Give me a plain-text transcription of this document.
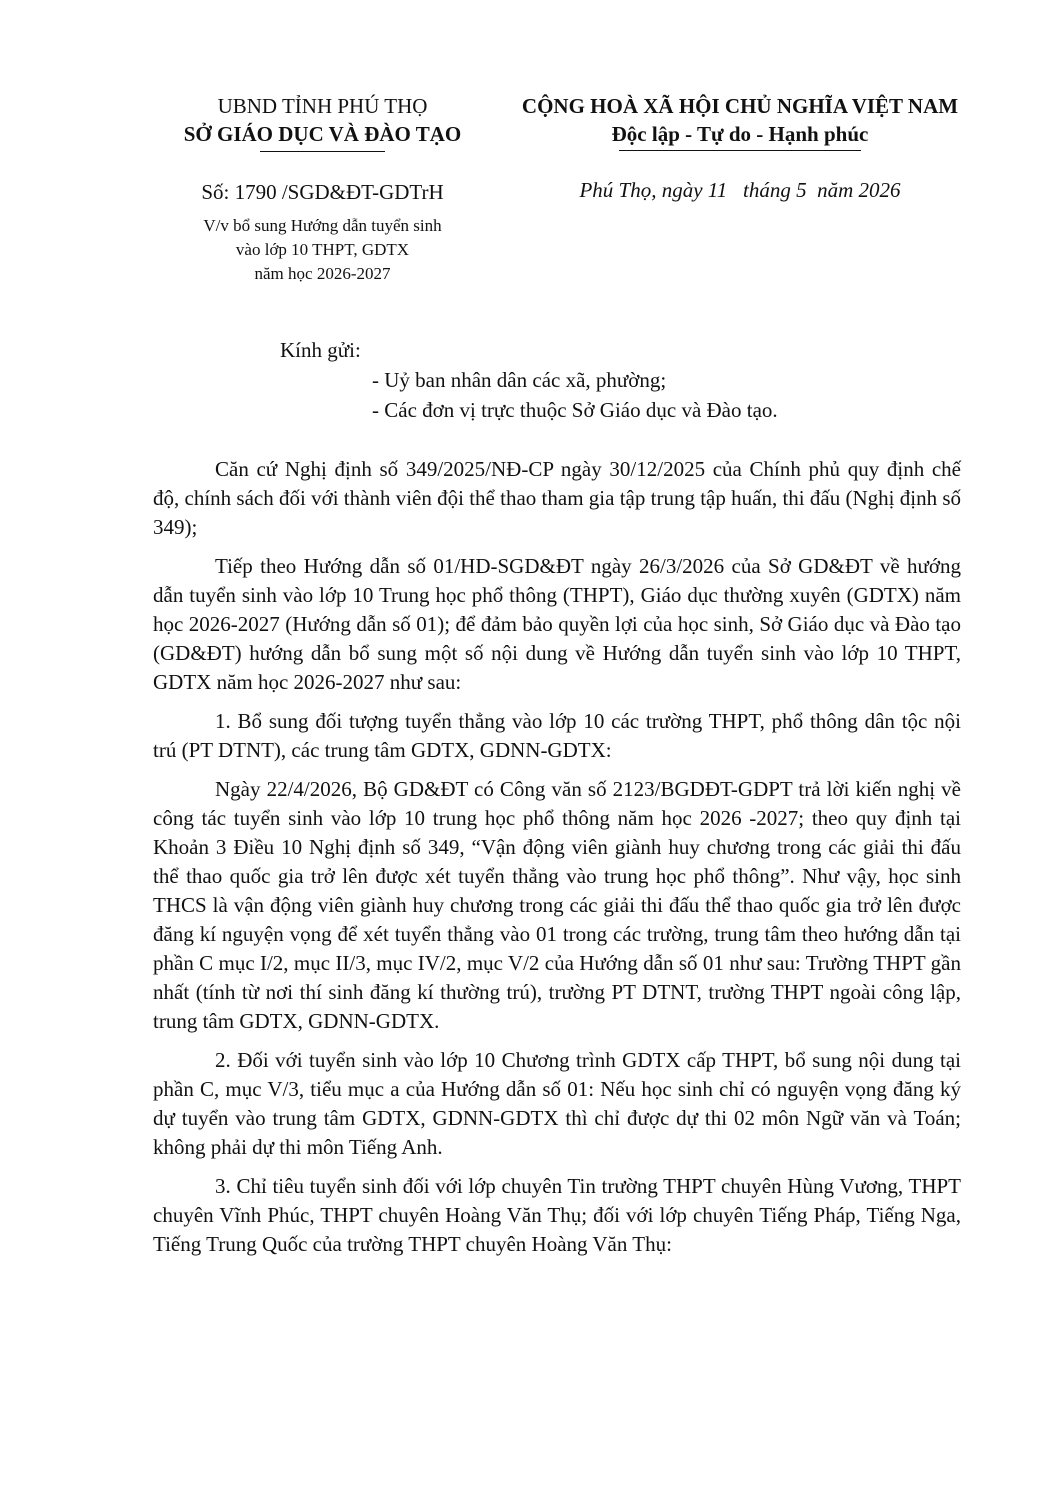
UBND TỈNH PHÚ THỌ
SỞ GIÁO DỤC VÀ ĐÀO TẠO
Số: 1790 /SGD&ĐT-GDTrH
V/v bổ sung Hướng dẫn tuyển sinh
vào lớp 10 THPT, GDTX
năm học 2026-2027
CỘNG HOÀ XÃ HỘI CHỦ NGHĨA VIỆT NAM
Độc lập - Tự do - Hạnh phúc
Phú Thọ, ngày 11   tháng 5  năm 2026
Kính gửi:
- Uỷ ban nhân dân các xã, phường;
- Các đơn vị trực thuộc Sở Giáo dục và Đào tạo.

Căn cứ Nghị định số 349/2025/NĐ-CP ngày 30/12/2025 của Chính phủ quy định chế độ, chính sách đối với thành viên đội thể thao tham gia tập trung tập huấn, thi đấu (Nghị định số 349);

Tiếp theo Hướng dẫn số 01/HD-SGD&ĐT ngày 26/3/2026 của Sở GD&ĐT về hướng dẫn tuyển sinh vào lớp 10 Trung học phổ thông (THPT), Giáo dục thường xuyên (GDTX) năm học 2026-2027 (Hướng dẫn số 01); để đảm bảo quyền lợi của học sinh, Sở Giáo dục và Đào tạo (GD&ĐT) hướng dẫn bổ sung một số nội dung về Hướng dẫn tuyển sinh vào lớp 10 THPT, GDTX năm học 2026-2027 như sau:

1. Bổ sung đối tượng tuyển thẳng vào lớp 10 các trường THPT, phổ thông dân tộc nội trú (PT DTNT), các trung tâm GDTX, GDNN-GDTX:

Ngày 22/4/2026, Bộ GD&ĐT có Công văn số 2123/BGDĐT-GDPT trả lời kiến nghị về công tác tuyển sinh vào lớp 10 trung học phổ thông năm học 2026 -2027; theo quy định tại Khoản 3 Điều 10 Nghị định số 349, “Vận động viên giành huy chương trong các giải thi đấu thể thao quốc gia trở lên được xét tuyển thẳng vào trung học phổ thông”. Như vậy, học sinh THCS là vận động viên giành huy chương trong các giải thi đấu thể thao quốc gia trở lên được đăng kí nguyện vọng để xét tuyển thẳng vào 01 trong các trường, trung tâm theo hướng dẫn tại phần C mục I/2, mục II/3, mục IV/2, mục V/2 của Hướng dẫn số 01 như sau: Trường THPT gần nhất (tính từ nơi thí sinh đăng kí thường trú), trường PT DTNT, trường THPT ngoài công lập, trung tâm GDTX, GDNN-GDTX.

2. Đối với tuyển sinh vào lớp 10 Chương trình GDTX cấp THPT, bổ sung nội dung tại phần C, mục V/3, tiểu mục a của Hướng dẫn số 01: Nếu học sinh chỉ có nguyện vọng đăng ký dự tuyển vào trung tâm GDTX, GDNN-GDTX thì chỉ được dự thi 02 môn Ngữ văn và Toán; không phải dự thi môn Tiếng Anh.

3. Chỉ tiêu tuyển sinh đối với lớp chuyên Tin trường THPT chuyên Hùng Vương, THPT chuyên Vĩnh Phúc, THPT chuyên Hoàng Văn Thụ; đối với lớp chuyên Tiếng Pháp, Tiếng Nga, Tiếng Trung Quốc của trường THPT chuyên Hoàng Văn Thụ:
